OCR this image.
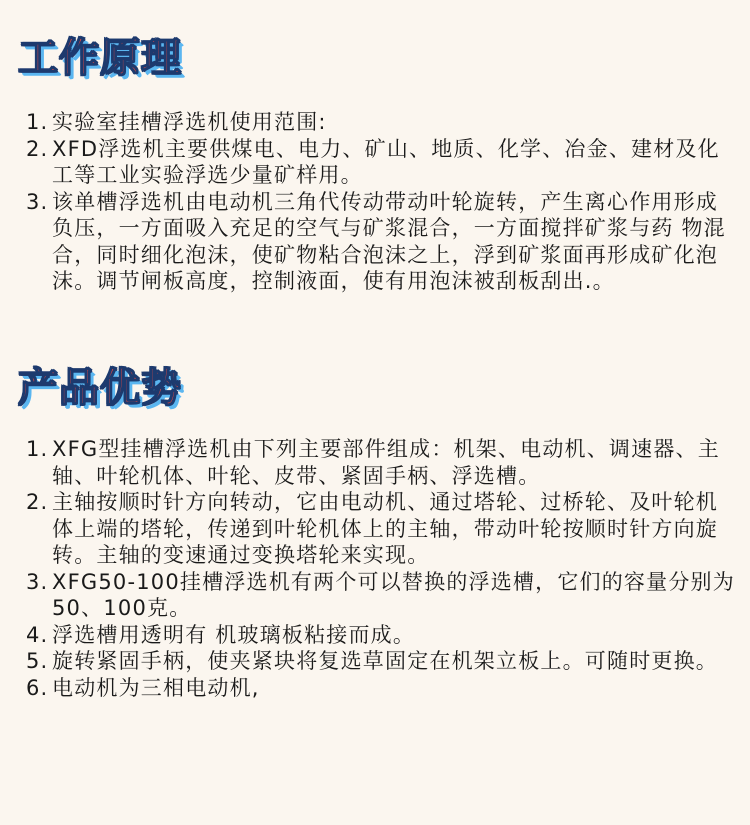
工作原理
1. 实验室挂槽浮选机使用范围:
2. XFD浮选机主要供煤电、电力、矿山、地质、化学、冶金、建材及化工等工业实验浮选少量矿样用。
3. 该单槽浮选机由电动机三角代传动带动叶轮旋转，产生离心作用形成负压，一方面吸入充足的空气与矿浆混合，一方面搅拌矿浆与药 物混合，同时细化泡沫，使矿物粘合泡沫之上，浮到矿浆面再形成矿化泡沫。调节闸板高度，控制液面，使有用泡沫被刮板刮出.。
产品优势
1. XFG型挂槽浮选机由下列主要部件组成：机架、电动机、调速器、主轴、叶轮机体、叶轮、皮带、紧固手柄、浮选槽。
2. 主轴按顺时针方向转动，它由电动机、通过塔轮、过桥轮、及叶轮机体上端的塔轮，传递到叶轮机体上的主轴，带动叶轮按顺时针方向旋转。主轴的变速通过变换塔轮来实现。
3. XFG50-100挂槽浮选机有两个可以替换的浮选槽，它们的容量分别为50、100克。
4. 浮选槽用透明有 机玻璃板粘接而成。
5. 旋转紧固手柄，使夹紧块将复选草固定在机架立板上。可随时更换。
6. 电动机为三相电动机,
